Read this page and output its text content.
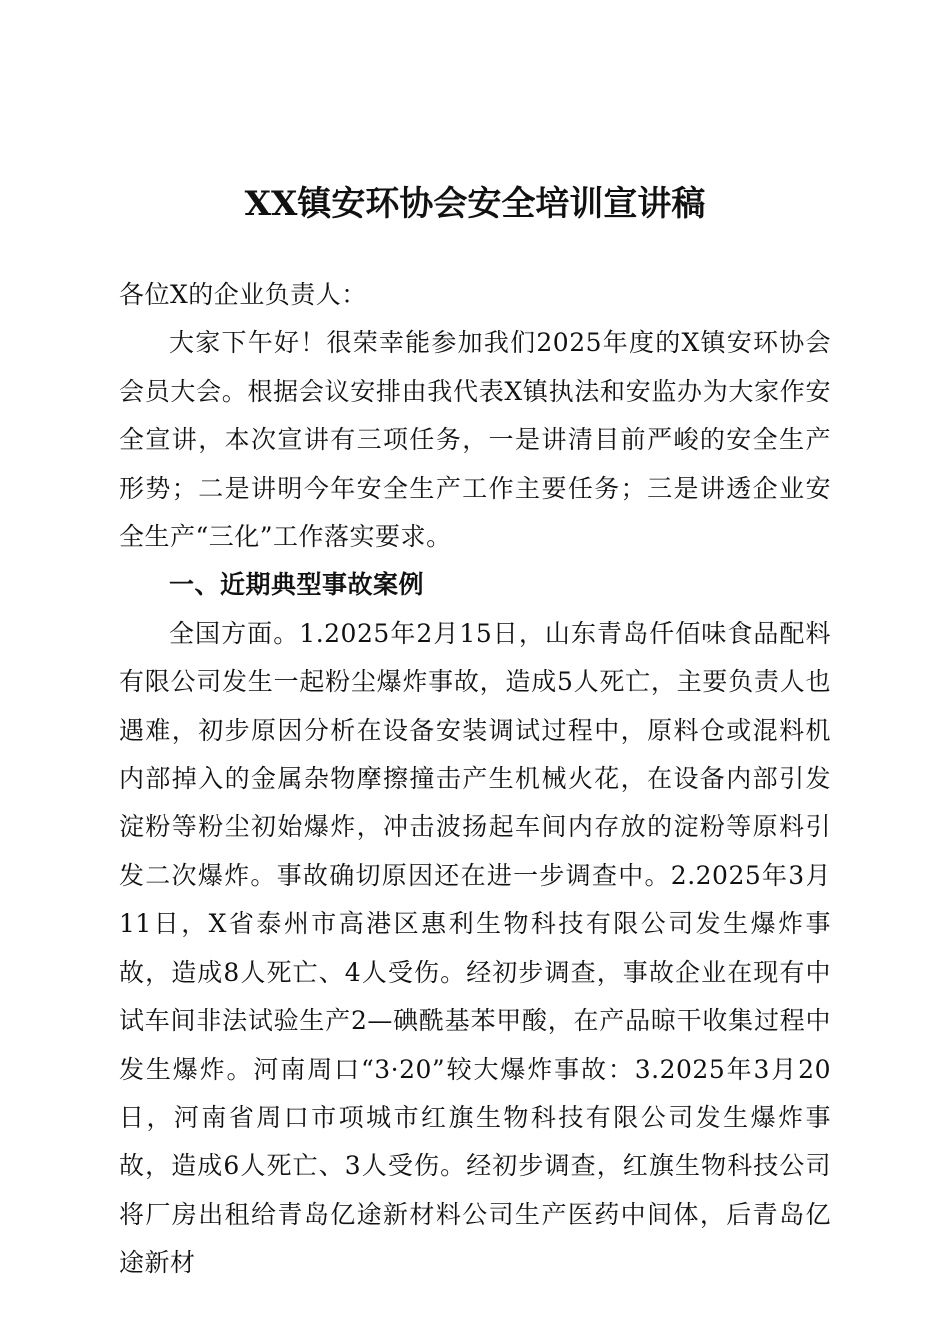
XX镇安环协会安全培训宣讲稿

各位X的企业负责人：

大家下午好！很荣幸能参加我们2025年度的X镇安环协会会员大会。根据会议安排由我代表X镇执法和安监办为大家作安全宣讲，本次宣讲有三项任务，一是讲清目前严峻的安全生产形势；二是讲明今年安全生产工作主要任务；三是讲透企业安全生产“三化”工作落实要求。

一、近期典型事故案例

全国方面。1.2025年2月15日，山东青岛仟佰味食品配料有限公司发生一起粉尘爆炸事故，造成5人死亡，主要负责人也遇难，初步原因分析在设备安装调试过程中，原料仓或混料机内部掉入的金属杂物摩擦撞击产生机械火花，在设备内部引发淀粉等粉尘初始爆炸，冲击波扬起车间内存放的淀粉等原料引发二次爆炸。事故确切原因还在进一步调查中。2.2025年3月11日，X省泰州市高港区惠利生物科技有限公司发生爆炸事故，造成8人死亡、4人受伤。经初步调查，事故企业在现有中试车间非法试验生产2—碘酰基苯甲酸，在产品晾干收集过程中发生爆炸。河南周口“3·20”较大爆炸事故：3.2025年3月20日，河南省周口市项城市红旗生物科技有限公司发生爆炸事故，造成6人死亡、3人受伤。经初步调查，红旗生物科技公司将厂房出租给青岛亿途新材料公司生产医药中间体，后青岛亿途新材
